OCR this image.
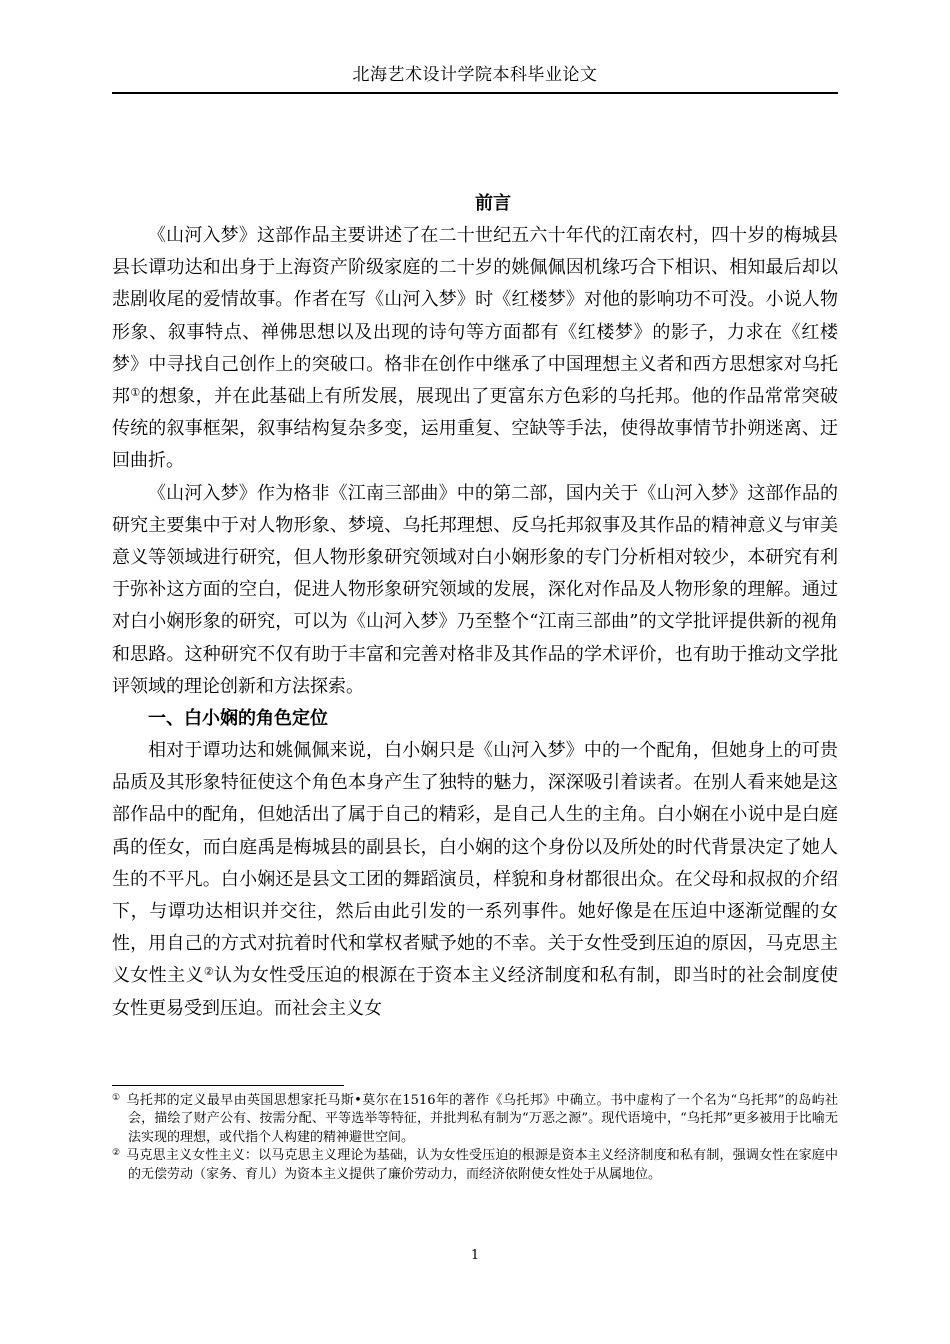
北海艺术设计学院本科毕业论文

前言

《山河入梦》这部作品主要讲述了在二十世纪五六十年代的江南农村，四十岁的梅城县县长谭功达和出身于上海资产阶级家庭的二十岁的姚佩佩因机缘巧合下相识、相知最后却以悲剧收尾的爱情故事。作者在写《山河入梦》时《红楼梦》对他的影响功不可没。小说人物形象、叙事特点、禅佛思想以及出现的诗句等方面都有《红楼梦》的影子，力求在《红楼梦》中寻找自己创作上的突破口。格非在创作中继承了中国理想主义者和西方思想家对乌托邦①的想象，并在此基础上有所发展，展现出了更富东方色彩的乌托邦。他的作品常常突破传统的叙事框架，叙事结构复杂多变，运用重复、空缺等手法，使得故事情节扑朔迷离、迂回曲折。

《山河入梦》作为格非《江南三部曲》中的第二部，国内关于《山河入梦》这部作品的研究主要集中于对人物形象、梦境、乌托邦理想、反乌托邦叙事及其作品的精神意义与审美意义等领域进行研究，但人物形象研究领域对白小娴形象的专门分析相对较少，本研究有利于弥补这方面的空白，促进人物形象研究领域的发展，深化对作品及人物形象的理解。通过对白小娴形象的研究，可以为《山河入梦》乃至整个“江南三部曲”的文学批评提供新的视角和思路。这种研究不仅有助于丰富和完善对格非及其作品的学术评价，也有助于推动文学批评领域的理论创新和方法探索。

一、白小娴的角色定位

相对于谭功达和姚佩佩来说，白小娴只是《山河入梦》中的一个配角，但她身上的可贵品质及其形象特征使这个角色本身产生了独特的魅力，深深吸引着读者。在别人看来她是这部作品中的配角，但她活出了属于自己的精彩，是自己人生的主角。白小娴在小说中是白庭禹的侄女，而白庭禹是梅城县的副县长，白小娴的这个身份以及所处的时代背景决定了她人生的不平凡。白小娴还是县文工团的舞蹈演员，样貌和身材都很出众。在父母和叔叔的介绍下，与谭功达相识并交往，然后由此引发的一系列事件。她好像是在压迫中逐渐觉醒的女性，用自己的方式对抗着时代和掌权者赋予她的不幸。关于女性受到压迫的原因，马克思主义女性主义②认为女性受压迫的根源在于资本主义经济制度和私有制，即当时的社会制度使女性更易受到压迫。而社会主义女

① 乌托邦的定义最早由英国思想家托马斯•莫尔在1516年的著作《乌托邦》中确立。书中虚构了一个名为“乌托邦”的岛屿社会，描绘了财产公有、按需分配、平等选举等特征，并批判私有制为“万恶之源”。现代语境中，“乌托邦”更多被用于比喻无法实现的理想，或代指个人构建的精神避世空间。

② 马克思主义女性主义：以马克思主义理论为基础，认为女性受压迫的根源是资本主义经济制度和私有制，强调女性在家庭中的无偿劳动（家务、育儿）为资本主义提供了廉价劳动力，而经济依附使女性处于从属地位。

1
